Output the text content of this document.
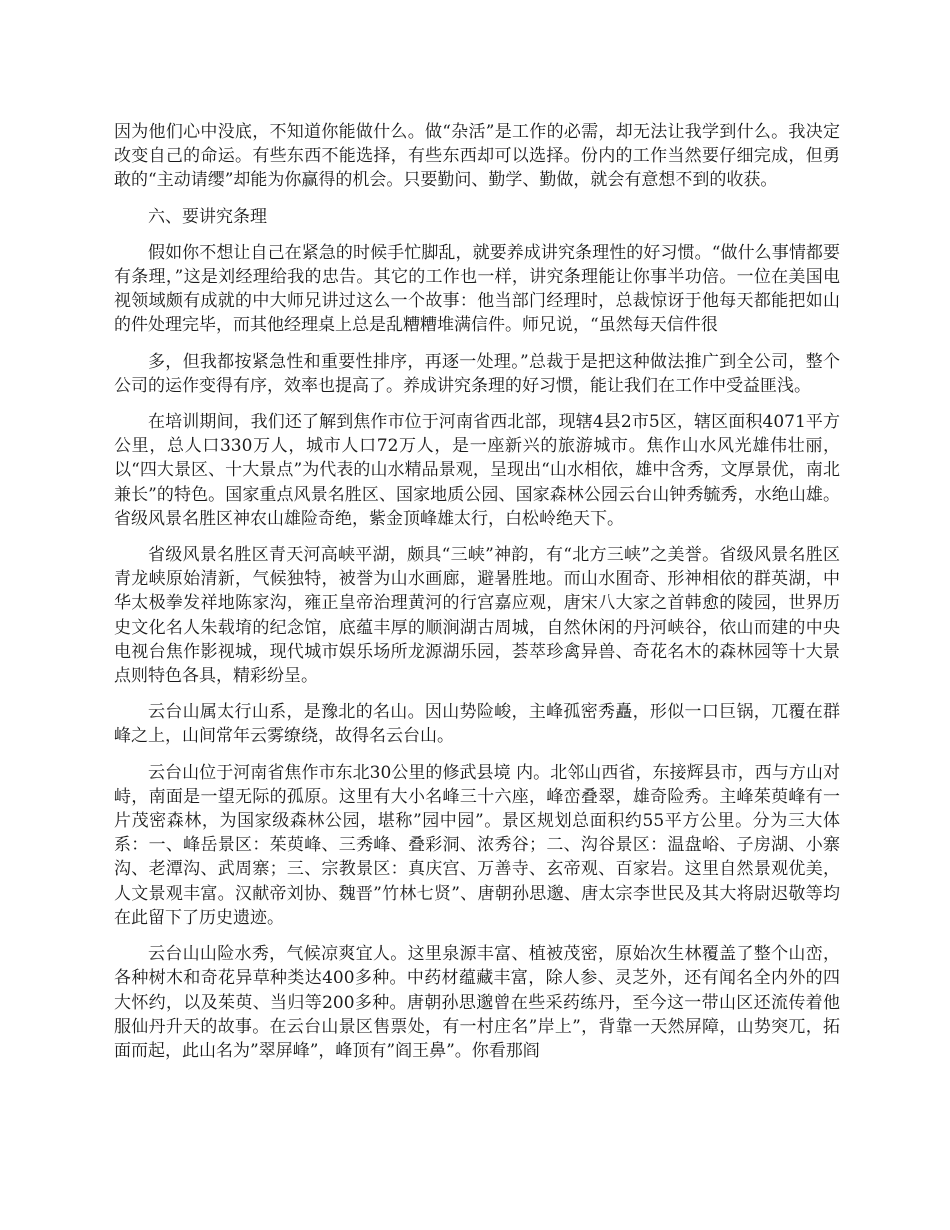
因为他们心中没底，不知道你能做什么。做“杂活”是工作的必需，却无法让我学到什么。我决定改变自己的命运。有些东西不能选择，有些东西却可以选择。份内的工作当然要仔细完成，但勇敢的“主动请缨”却能为你赢得的机会。只要勤问、勤学、勤做，就会有意想不到的收获。

六、要讲究条理

假如你不想让自己在紧急的时候手忙脚乱，就要养成讲究条理性的好习惯。“做什么事情都要有条理，”这是刘经理给我的忠告。其它的工作也一样，讲究条理能让你事半功倍。一位在美国电视领域颇有成就的中大师兄讲过这么一个故事：他当部门经理时，总裁惊讶于他每天都能把如山的件处理完毕，而其他经理桌上总是乱糟糟堆满信件。师兄说，“虽然每天信件很

多，但我都按紧急性和重要性排序，再逐一处理。”总裁于是把这种做法推广到全公司，整个公司的运作变得有序，效率也提高了。养成讲究条理的好习惯，能让我们在工作中受益匪浅。

在培训期间，我们还了解到焦作市位于河南省西北部，现辖4县2市5区，辖区面积4071平方公里，总人口330万人，城市人口72万人，是一座新兴的旅游城市。焦作山水风光雄伟壮丽，以“四大景区、十大景点”为代表的山水精品景观，呈现出“山水相依，雄中含秀，文厚景优，南北兼长”的特色。国家重点风景名胜区、国家地质公园、国家森林公园云台山钟秀毓秀，水绝山雄。省级风景名胜区神农山雄险奇绝，紫金顶峰雄太行，白松岭绝天下。

省级风景名胜区青天河高峡平湖，颇具“三峡”神韵，有“北方三峡”之美誉。省级风景名胜区青龙峡原始清新，气候独特，被誉为山水画廊，避暑胜地。而山水囿奇、形神相依的群英湖，中华太极拳发祥地陈家沟，雍正皇帝治理黄河的行宫嘉应观，唐宋八大家之首韩愈的陵园，世界历史文化名人朱载堉的纪念馆，底蕴丰厚的顺涧湖古周城，自然休闲的丹河峡谷，依山而建的中央电视台焦作影视城，现代城市娱乐场所龙源湖乐园，荟萃珍禽异兽、奇花名木的森林园等十大景点则特色各具，精彩纷呈。

云台山属太行山系，是豫北的名山。因山势险峻，主峰孤密秀矗，形似一口巨锅，兀覆在群峰之上，山间常年云雾缭绕，故得名云台山。

云台山位于河南省焦作市东北30公里的修武县境 内。北邻山西省，东接辉县市，西与方山对峙，南面是一望无际的孤原。这里有大小名峰三十六座，峰峦叠翠，雄奇险秀。主峰茱萸峰有一片茂密森林，为国家级森林公园，堪称”园中园”。景区规划总面积约55平方公里。分为三大体系：一、峰岳景区：茱萸峰、三秀峰、叠彩洞、浓秀谷；二、沟谷景区：温盘峪、子房湖、小寨沟、老潭沟、武周寨；三、宗教景区：真庆宫、万善寺、玄帝观、百家岩。这里自然景观优美，人文景观丰富。汉献帝刘协、魏晋”竹林七贤”、唐朝孙思邈、唐太宗李世民及其大将尉迟敬等均在此留下了历史遗迹。

云台山山险水秀，气候凉爽宜人。这里泉源丰富、植被茂密，原始次生林覆盖了整个山峦，各种树木和奇花异草种类达400多种。中药材蕴藏丰富，除人参、灵芝外，还有闻名全内外的四大怀约，以及茱萸、当归等200多种。唐朝孙思邈曾在些采药练丹，至今这一带山区还流传着他服仙丹升天的故事。在云台山景区售票处，有一村庄名”岸上”，背靠一天然屏障，山势突兀，拓面而起，此山名为”翠屏峰”，峰顶有”阎王鼻”。你看那阎
